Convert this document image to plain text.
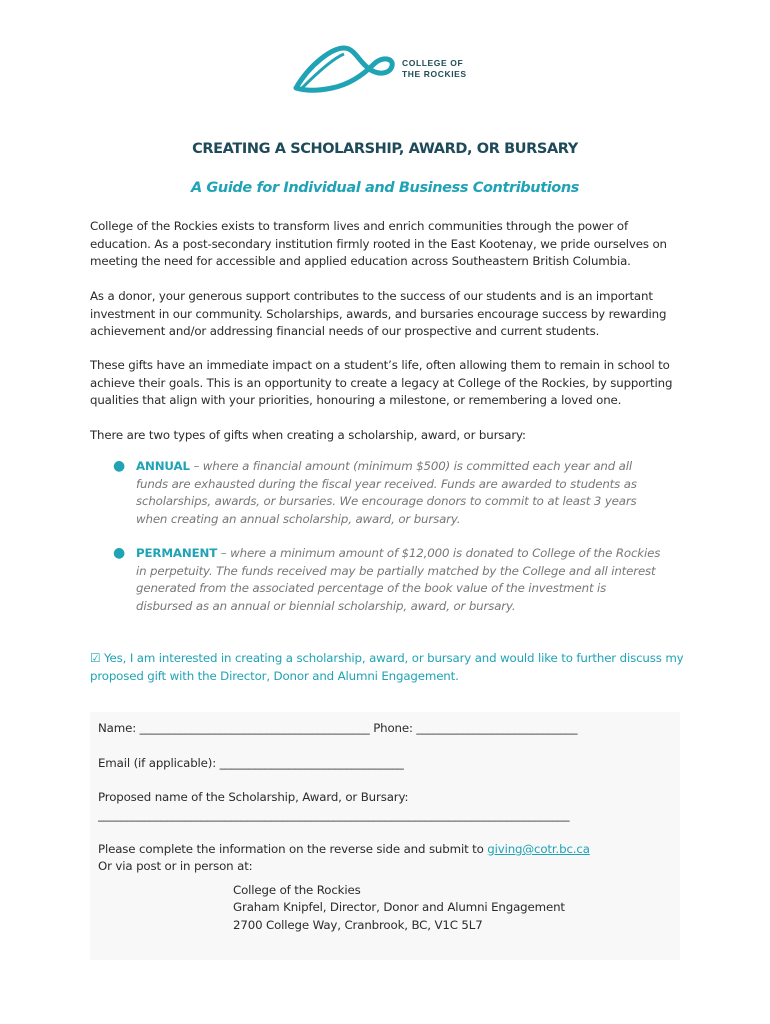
COLLEGE OF
THE ROCKIES
CREATING A SCHOLARSHIP, AWARD, OR BURSARY
A Guide for Individual and Business Contributions
College of the Rockies exists to transform lives and enrich communities through the power of education. As a post-secondary institution firmly rooted in the East Kootenay, we pride ourselves on meeting the need for accessible and applied education across Southeastern British Columbia.
As a donor, your generous support contributes to the success of our students and is an important investment in our community. Scholarships, awards, and bursaries encourage success by rewarding achievement and/or addressing financial needs of our prospective and current students.
These gifts have an immediate impact on a student’s life, often allowing them to remain in school to achieve their goals. This is an opportunity to create a legacy at College of the Rockies, by supporting qualities that align with your priorities, honouring a milestone, or remembering a loved one.
There are two types of gifts when creating a scholarship, award, or bursary:
● ANNUAL – where a financial amount (minimum $500) is committed each year and all funds are exhausted during the fiscal year received. Funds are awarded to students as scholarships, awards, or bursaries. We encourage donors to commit to at least 3 years when creating an annual scholarship, award, or bursary.
● PERMANENT – where a minimum amount of $12,000 is donated to College of the Rockies in perpetuity. The funds received may be partially matched by the College and all interest generated from the associated percentage of the book value of the investment is disbursed as an annual or biennial scholarship, award, or bursary.
☑ Yes, I am interested in creating a scholarship, award, or bursary and would like to further discuss my proposed gift with the Director, Donor and Alumni Engagement.
Name: ________________________________________ Phone: ____________________________
Email (if applicable): ________________________________
Proposed name of the Scholarship, Award, or Bursary:
__________________________________________________________________________________
Please complete the information on the reverse side and submit to giving@cotr.bc.ca
Or via post or in person at:
College of the Rockies
Graham Knipfel, Director, Donor and Alumni Engagement
2700 College Way, Cranbrook, BC, V1C 5L7
